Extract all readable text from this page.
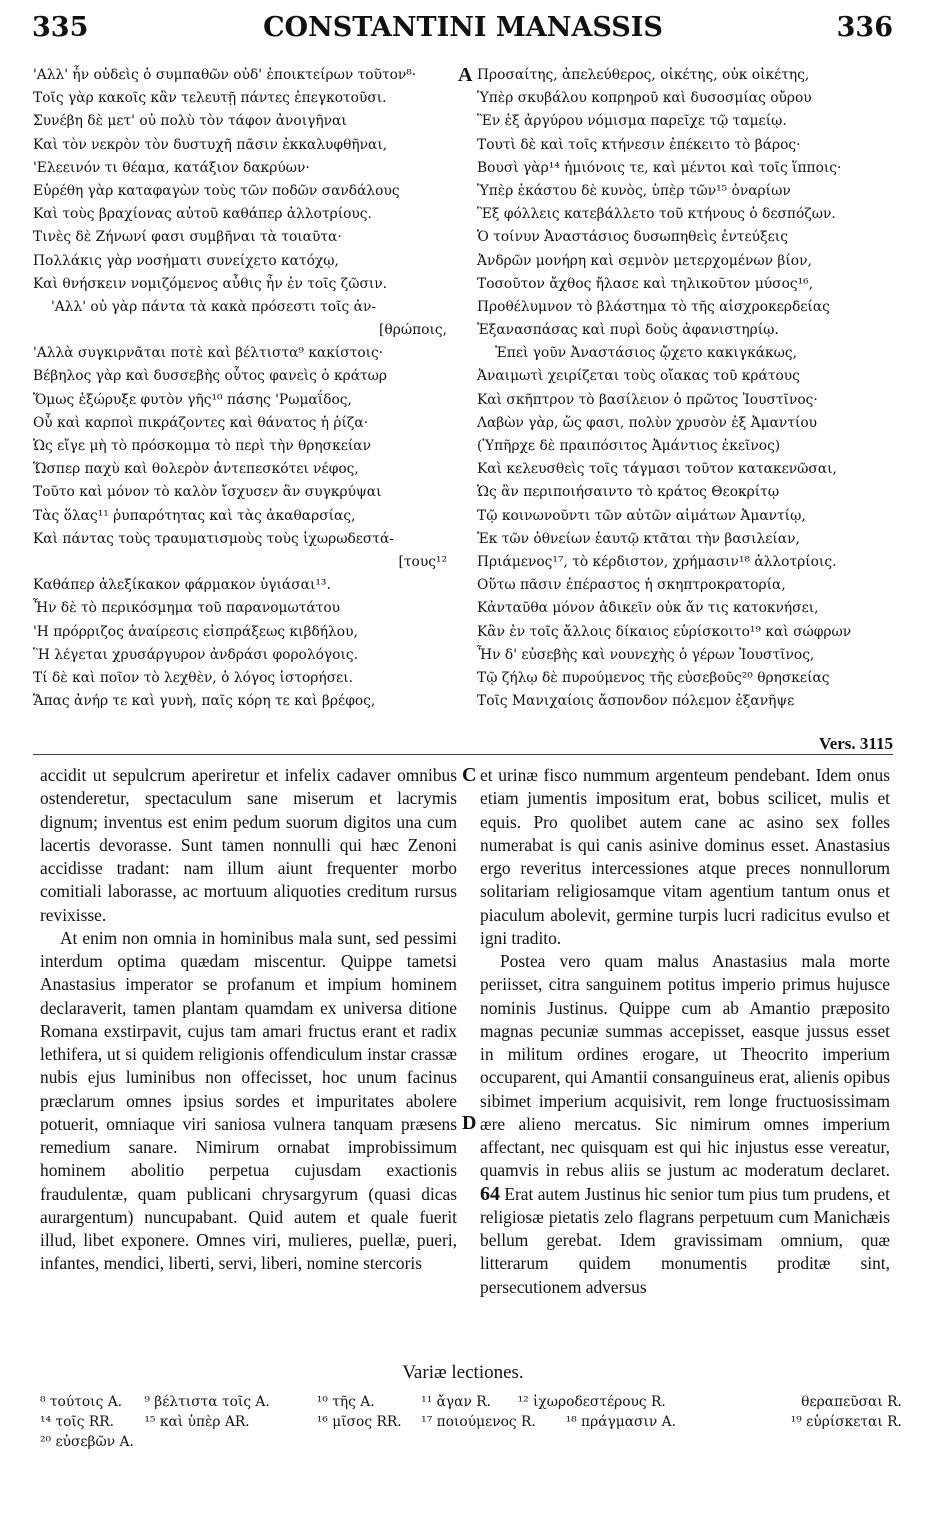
335	CONSTANTINI MANASSIS	336
'Αλλ' ἦν οὐδεὶς ὁ συμπαθῶν οὐδ' ἐποικτείρων τοῦτον⁸·
Τοῖς γὰρ κακοῖς κἂν τελευτῇ πάντες ἐπεγκοτοῦσι.
Συνέβη δὲ μετ' οὐ πολὺ τὸν τάφον ἀνοιγῆναι
Καὶ τὸν νεκρὸν τὸν δυστυχῆ πᾶσιν ἐκκαλυφθῆναι,
'Ελεεινόν τι θέαμα, κατάξιον δακρύων·
Εὑρέθη γὰρ καταφαγὼν τοὺς τῶν ποδῶν σανδάλους
Καὶ τοὺς βραχίονας αὐτοῦ καθάπερ ἀλλοτρίους.
Τινὲς δὲ Ζήνωνί φασι συμβῆναι τὰ τοιαῦτα·
Πολλάκις γὰρ νοσήματι συνείχετο κατόχῳ,
Καὶ θνήσκειν νομιζόμενος αὖθις ἦν ἐν τοῖς ζῶσιν.
'Αλλ' οὐ γὰρ πάντα τὰ κακὰ πρόσεστι τοῖς ἀν-
[θρώποις,
'Αλλὰ συγκιρνᾶται ποτὲ καὶ βέλτιστα⁹ κακίστοις·
Βέβηλος γὰρ καὶ δυσσεβὴς οὗτος φανεὶς ὁ κράτωρ
Ὅμως ἐξώρυξε φυτὸν γῆς¹⁰ πάσης 'Ρωμαΐδος,
Οὗ καὶ καρποὶ πικράζοντες καὶ θάνατος ἡ ῥίζα·
Ὡς εἴγε μὴ τὸ πρόσκομμα τὸ περὶ τὴν θρησκείαν
Ὥσπερ παχὺ καὶ θολερὸν ἀντεπεσκότει νέφος,
Τοῦτο καὶ μόνον τὸ καλὸν ἴσχυσεν ἂν συγκρύψαι
Τὰς ὅλας¹¹ ῥυπαρότητας καὶ τὰς ἀκαθαρσίας,
Καὶ πάντας τοὺς τραυματισμοὺς τοὺς ἰχωρωδεστά-
[τους¹²
Καθάπερ ἀλεξίκακον φάρμακον ὑγιάσαι¹³.
Ἦν δὲ τὸ περικόσμημα τοῦ παρανομωτάτου
'Η πρόρριζος ἀναίρεσις εἰσπράξεως κιβδήλου,
Ἣ λέγεται χρυσάργυρον ἀνδράσι φορολόγοις.
Τί δὲ καὶ ποῖον τὸ λεχθὲν, ὁ λόγος ἱστορήσει.
Ἅπας ἀνήρ τε καὶ γυνὴ, παῖς κόρη τε καὶ βρέφος,
A Προσαίτης, ἀπελεύθερος, οἰκέτης, οὐκ οἰκέτης,
Ὑπὲρ σκυβάλου κοπρηροῦ καὶ δυσοσμίας οὔρου
Ἓν ἐξ ἀργύρου νόμισμα παρεῖχε τῷ ταμείῳ.
Τουτὶ δὲ καὶ τοῖς κτήνεσιν ἐπέκειτο τὸ βάρος·
Βουσὶ γὰρ¹⁴ ἡμιόνοις τε, καὶ μέντοι καὶ τοῖς ἵπποις·
Ὑπὲρ ἑκάστου δὲ κυνὸς, ὑπὲρ τῶν¹⁵ ὀναρίων
Ἓξ φόλλεις κατεβάλλετο τοῦ κτήνους ὁ δεσπόζων.
Ὁ τοίνυν Ἀναστάσιος δυσωπηθεὶς ἐντεύξεις
Ἀνδρῶν μονήρη καὶ σεμνὸν μετερχομένων βίον,
Τοσοῦτον ἄχθος ἤλασε καὶ τηλικοῦτον μύσος¹⁶,
Προθέλυμνον τὸ βλάστημα τὸ τῆς αἰσχροκερδείας
Ἐξανασπάσας καὶ πυρὶ δοὺς ἀφανιστηρίῳ.
Ἐπεὶ γοῦν Ἀναστάσιος ᾤχετο κακιγκάκως,
Ἀναιμωτὶ χειρίζεται τοὺς οἴακας τοῦ κράτους
Καὶ σκῆπτρον τὸ βασίλειον ὁ πρῶτος Ἰουστῖνος·
Λαβὼν γὰρ, ὥς φασι, πολὺν χρυσὸν ἐξ Ἀμαντίου
(Ὑπῆρχε δὲ πραιπόσιτος Ἀμάντιος ἐκεῖνος)
Καὶ κελευσθεὶς τοῖς τάγμασι τοῦτον κατακενῶσαι,
Ὡς ἂν περιποιήσαιντο τὸ κράτος Θεοκρίτῳ
Τῷ κοινωνοῦντι τῶν αὐτῶν αἱμάτων Ἀμαντίῳ,
Ἐκ τῶν ὀθνείων ἑαυτῷ κτᾶται τὴν βασιλείαν,
Πριάμενος¹⁷, τὸ κέρδιστον, χρήμασιν¹⁸ ἀλλοτρίοις.
Οὕτω πᾶσιν ἐπέραστος ἡ σκηπτροκρατορία,
Κἀνταῦθα μόνον ἀδικεῖν οὐκ ἄν τις κατοκνήσει,
Κἂν ἐν τοῖς ἄλλοις δίκαιος εὑρίσκοιτο¹⁹ καὶ σώφρων
Ἦν δ' εὐσεβὴς καὶ νουνεχὴς ὁ γέρων Ἰουστῖνος,
Τῷ ζήλῳ δὲ πυρούμενος τῆς εὐσεβοῦς²⁰ θρησκείας
Τοῖς Μανιχαίοις ἄσπονδον πόλεμον ἐξανῆψε
Vers. 3115

accidit ut sepulcrum aperiretur et infelix cadaver omnibus ostenderetur, spectaculum sane miserum et lacrymis dignum; inventus est enim pedum suorum digitos una cum lacertis devorasse. Sunt tamen nonnulli qui hæc Zenoni accidisse tradant: nam illum aiunt frequenter morbo comitiali laborasse, ac mortuum aliquoties creditum rursus revixisse.

At enim non omnia in hominibus mala sunt, sed pessimi interdum optima quædam miscentur. Quippe tametsi Anastasius imperator se profanum et impium hominem declaraverit, tamen plantam quamdam ex universa ditione Romana exstirpavit, cujus tam amari fructus erant et radix lethifera, ut si quidem religionis offendiculum instar crassæ nubis ejus luminibus non offecisset, hoc unum facinus præclarum omnes ipsius sordes et impuritates abolere potuerit, omniaque viri saniosa vulnera tanquam præsens remedium sanare. Nimirum ornabat improbissimum hominem abolitio perpetua cujusdam exactionis fraudulentæ, quam publicani chrysargyrum (quasi dicas aurargentum) nuncupabant. Quid autem et quale fuerit illud, libet exponere. Omnes viri, mulieres, puellæ, pueri, infantes, mendici, liberti, servi, liberi, nomine stercoris

C
D

et urinæ fisco nummum argenteum pendebant. Idem onus etiam jumentis impositum erat, bobus scilicet, mulis et equis. Pro quolibet autem cane ac asino sex folles numerabat is qui canis asinive dominus esset. Anastasius ergo reveritus intercessiones atque preces nonnullorum solitariam religiosamque vitam agentium tantum onus et piaculum abolevit, germine turpis lucri radicitus evulso et igni tradito.

Postea vero quam malus Anastasius mala morte periisset, citra sanguinem potitus imperio primus hujusce nominis Justinus. Quippe cum ab Amantio præposito magnas pecuniæ summas accepisset, easque jussus esset in militum ordines erogare, ut Theocrito imperium occuparent, qui Amantii consanguineus erat, alienis opibus sibimet imperium acquisivit, rem longe fructuosissimam ære alieno mercatus. Sic nimirum omnes imperium affectant, nec quisquam est qui hic injustus esse vereatur, quamvis in rebus aliis se justum ac moderatum declaret. 64 Erat autem Justinus hic senior tum pius tum prudens, et religiosæ pietatis zelo flagrans perpetuum cum Manichæis bellum gerebat. Idem gravissimam omnium, quæ litterarum quidem monumentis proditæ sint, persecutionem adversus

Variæ lectiones.
⁸ τούτοις A. ⁹ βέλτιστα τοῖς A.	¹⁰ τῆς A.	¹¹ ἄγαν R. ¹² ἰχωροδεστέρους R.	θεραπεῦσαι R.
¹⁴ τοῖς RR. ¹⁵ καὶ ὑπὲρ AR.	¹⁶ μῖσος RR. ¹⁷ ποιούμενος R. ¹⁸ πράγμασιν A.	¹⁹ εὑρίσκεται R.
²⁰ εὐσεβῶν A.
